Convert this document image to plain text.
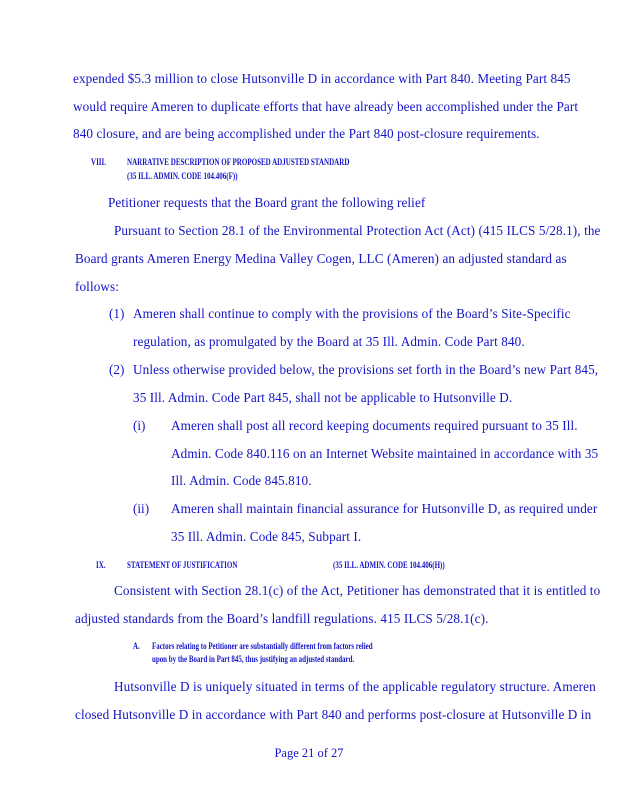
expended $5.3 million to close Hutsonville D in accordance with Part 840. Meeting Part 845
would require Ameren to duplicate efforts that have already been accomplished under the Part
840 closure, and are being accomplished under the Part 840 post-closure requirements.
VIII. NARRATIVE DESCRIPTION OF PROPOSED ADJUSTED STANDARD
(35 ILL. ADMIN. CODE 104.406(F))
Petitioner requests that the Board grant the following relief
Pursuant to Section 28.1 of the Environmental Protection Act (Act) (415 ILCS 5/28.1), the
Board grants Ameren Energy Medina Valley Cogen, LLC (Ameren) an adjusted standard as
follows:
(1) Ameren shall continue to comply with the provisions of the Board’s Site-Specific
regulation, as promulgated by the Board at 35 Ill. Admin. Code Part 840.
(2) Unless otherwise provided below, the provisions set forth in the Board’s new Part 845,
35 Ill. Admin. Code Part 845, shall not be applicable to Hutsonville D.
(i) Ameren shall post all record keeping documents required pursuant to 35 Ill.
Admin. Code 840.116 on an Internet Website maintained in accordance with 35
Ill. Admin. Code 845.810.
(ii) Ameren shall maintain financial assurance for Hutsonville D, as required under
35 Ill. Admin. Code 845, Subpart I.
IX. STATEMENT OF JUSTIFICATION	(35 ILL. ADMIN. CODE 104.406(H))
Consistent with Section 28.1(c) of the Act, Petitioner has demonstrated that it is entitled to
adjusted standards from the Board’s landfill regulations. 415 ILCS 5/28.1(c).
A. Factors relating to Petitioner are substantially different from factors relied
upon by the Board in Part 845, thus justifying an adjusted standard.
Hutsonville D is uniquely situated in terms of the applicable regulatory structure. Ameren
closed Hutsonville D in accordance with Part 840 and performs post-closure at Hutsonville D in
Page 21 of 27
